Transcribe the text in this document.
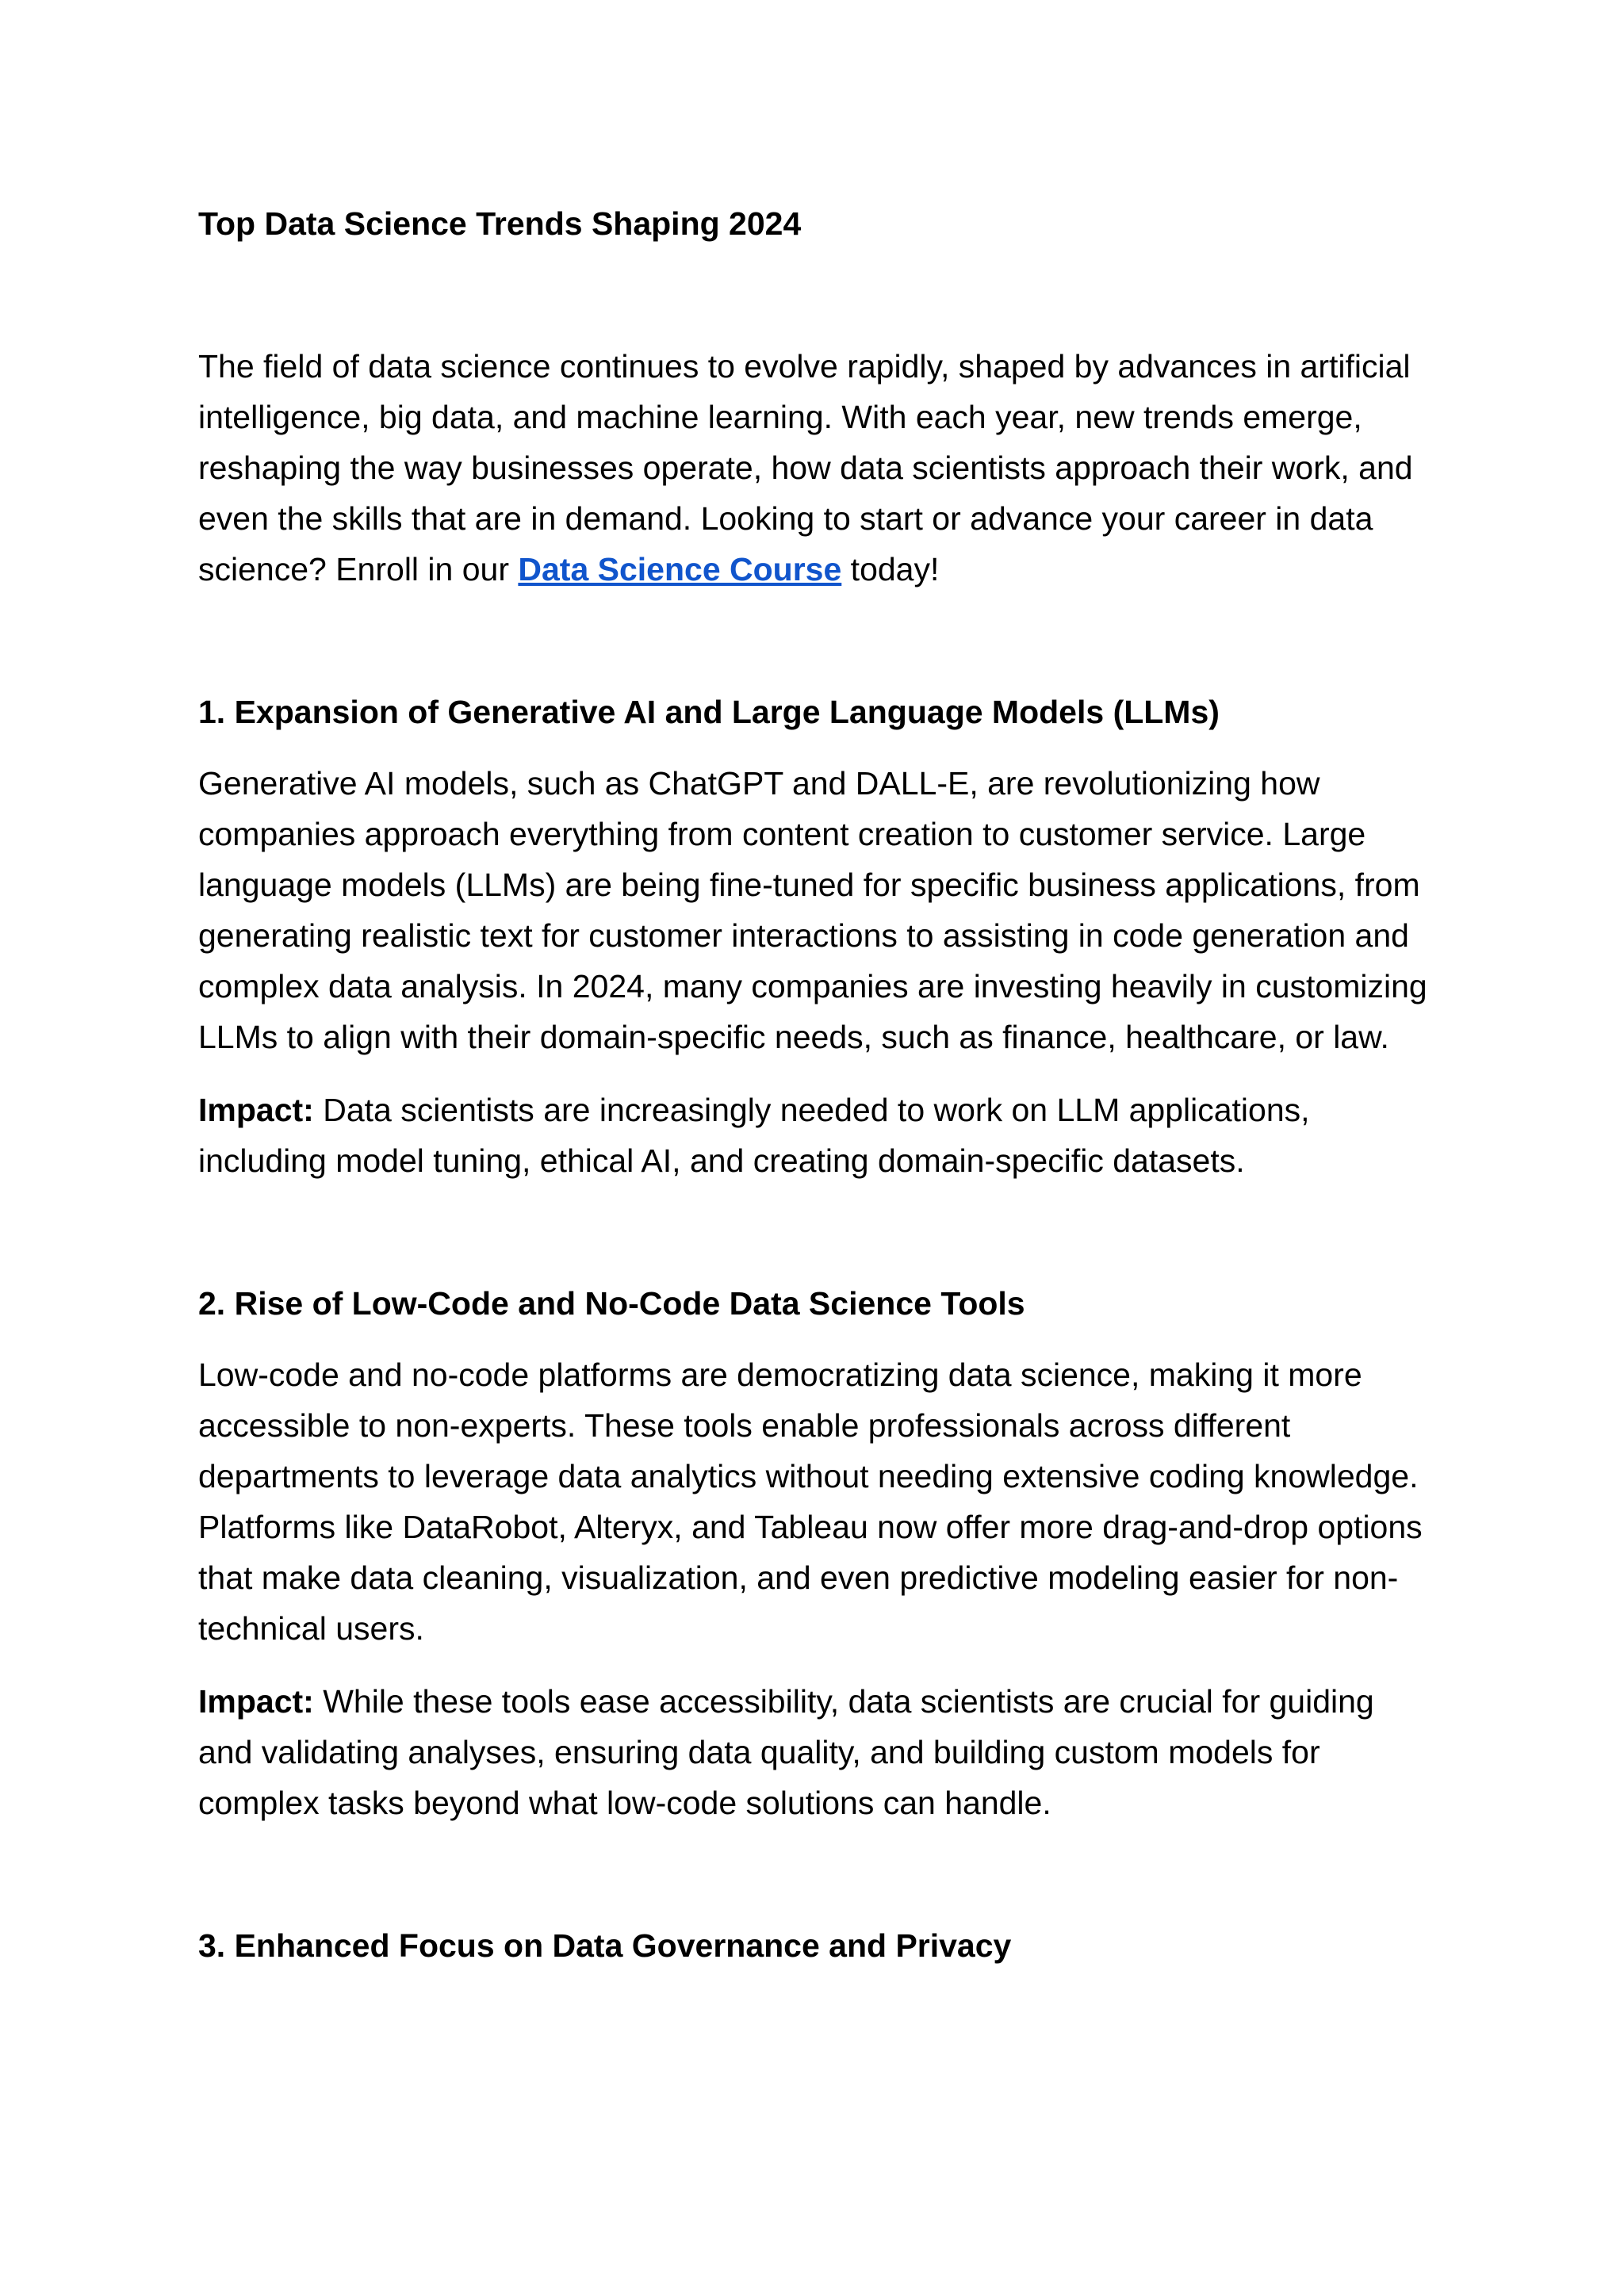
Top Data Science Trends Shaping 2024

The field of data science continues to evolve rapidly, shaped by advances in artificial intelligence, big data, and machine learning. With each year, new trends emerge, reshaping the way businesses operate, how data scientists approach their work, and even the skills that are in demand. Looking to start or advance your career in data science? Enroll in our Data Science Course today!

1. Expansion of Generative AI and Large Language Models (LLMs)

Generative AI models, such as ChatGPT and DALL-E, are revolutionizing how companies approach everything from content creation to customer service. Large language models (LLMs) are being fine-tuned for specific business applications, from generating realistic text for customer interactions to assisting in code generation and complex data analysis. In 2024, many companies are investing heavily in customizing LLMs to align with their domain-specific needs, such as finance, healthcare, or law.

Impact: Data scientists are increasingly needed to work on LLM applications, including model tuning, ethical AI, and creating domain-specific datasets.

2. Rise of Low-Code and No-Code Data Science Tools

Low-code and no-code platforms are democratizing data science, making it more accessible to non-experts. These tools enable professionals across different departments to leverage data analytics without needing extensive coding knowledge. Platforms like DataRobot, Alteryx, and Tableau now offer more drag-and-drop options that make data cleaning, visualization, and even predictive modeling easier for non-technical users.

Impact: While these tools ease accessibility, data scientists are crucial for guiding and validating analyses, ensuring data quality, and building custom models for complex tasks beyond what low-code solutions can handle.

3. Enhanced Focus on Data Governance and Privacy
